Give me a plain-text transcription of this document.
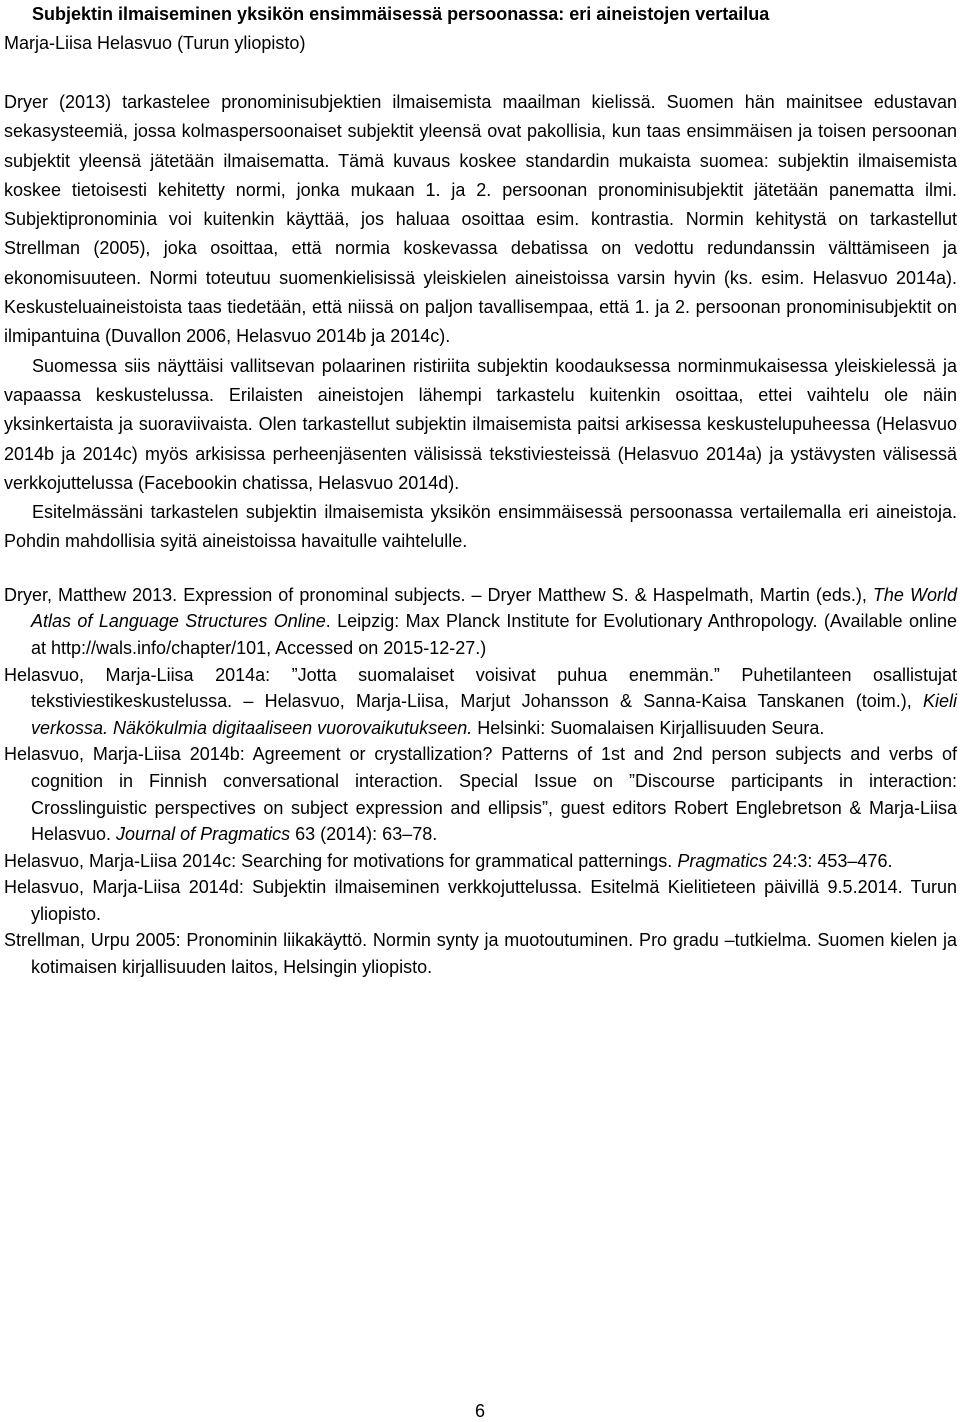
Subjektin ilmaiseminen yksikön ensimmäisessä persoonassa: eri aineistojen vertailua
Marja-Liisa Helasvuo (Turun yliopisto)

Dryer (2013) tarkastelee pronominisubjektien ilmaisemista maailman kielissä. Suomen hän mainitsee edustavan sekasysteemiä, jossa kolmaspersoonaiset subjektit yleensä ovat pakollisia, kun taas ensimmäisen ja toisen persoonan subjektit yleensä jätetään ilmaisematta. Tämä kuvaus koskee standardin mukaista suomea: subjektin ilmaisemista koskee tietoisesti kehitetty normi, jonka mukaan 1. ja 2. persoonan pronominisubjektit jätetään panematta ilmi. Subjektipronominia voi kuitenkin käyttää, jos haluaa osoittaa esim. kontrastia. Normin kehitystä on tarkastellut Strellman (2005), joka osoittaa, että normia koskevassa debatissa on vedottu redundanssin välttämiseen ja ekonomisuuteen. Normi toteutuu suomenkielisissä yleiskielen aineistoissa varsin hyvin (ks. esim. Helasvuo 2014a). Keskusteluaineistoista taas tiedetään, että niissä on paljon tavallisempaa, että 1. ja 2. persoonan pronominisubjektit on ilmipantuina (Duvallon 2006, Helasvuo 2014b ja 2014c).

Suomessa siis näyttäisi vallitsevan polaarinen ristiriita subjektin koodauksessa norminmukaisessa yleiskielessä ja vapaassa keskustelussa. Erilaisten aineistojen lähempi tarkastelu kuitenkin osoittaa, ettei vaihtelu ole näin yksinkertaista ja suoraviivaista. Olen tarkastellut subjektin ilmaisemista paitsi arkisessa keskustelupuheessa (Helasvuo 2014b ja 2014c) myös arkisissa perheenjäsenten välisissä tekstiviesteissä (Helasvuo 2014a) ja ystävysten välisessä verkkojuttelussa (Facebookin chatissa, Helasvuo 2014d).

Esitelmässäni tarkastelen subjektin ilmaisemista yksikön ensimmäisessä persoonassa vertailemalla eri aineistoja. Pohdin mahdollisia syitä aineistoissa havaitulle vaihtelulle.

Dryer, Matthew 2013. Expression of pronominal subjects. – Dryer Matthew S. & Haspelmath, Martin (eds.), The World Atlas of Language Structures Online. Leipzig: Max Planck Institute for Evolutionary Anthropology. (Available online at http://wals.info/chapter/101, Accessed on 2015-12-27.)

Helasvuo, Marja-Liisa 2014a: ”Jotta suomalaiset voisivat puhua enemmän.” Puhetilanteen osallistujat tekstiviestikeskustelussa. – Helasvuo, Marja-Liisa, Marjut Johansson & Sanna-Kaisa Tanskanen (toim.), Kieli verkossa. Näkökulmia digitaaliseen vuorovaikutukseen. Helsinki: Suomalaisen Kirjallisuuden Seura.

Helasvuo, Marja-Liisa 2014b: Agreement or crystallization? Patterns of 1st and 2nd person subjects and verbs of cognition in Finnish conversational interaction. Special Issue on ”Discourse participants in interaction: Crosslinguistic perspectives on subject expression and ellipsis”, guest editors Robert Englebretson & Marja-Liisa Helasvuo. Journal of Pragmatics 63 (2014): 63–78.

Helasvuo, Marja-Liisa 2014c: Searching for motivations for grammatical patternings. Pragmatics 24:3: 453–476.

Helasvuo, Marja-Liisa 2014d: Subjektin ilmaiseminen verkkojuttelussa. Esitelmä Kielitieteen päivillä 9.5.2014. Turun yliopisto.

Strellman, Urpu 2005: Pronominin liikakäyttö. Normin synty ja muotoutuminen. Pro gradu –tutkielma. Suomen kielen ja kotimaisen kirjallisuuden laitos, Helsingin yliopisto.

6
